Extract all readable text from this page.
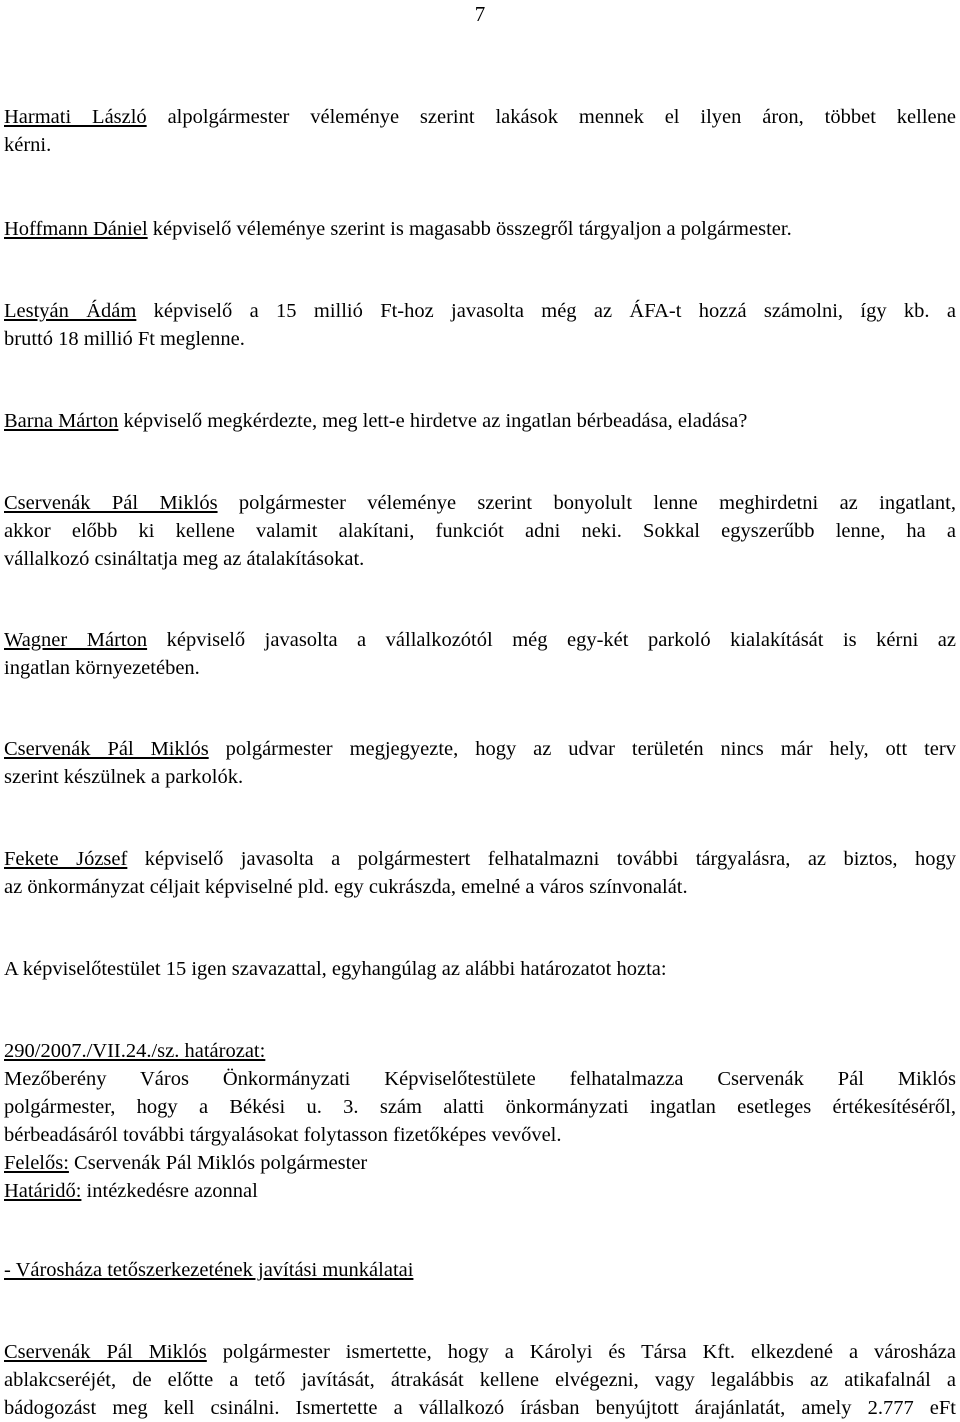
7

Harmati László alpolgármester véleménye szerint lakások mennek el ilyen áron, többet kellene
kérni.

Hoffmann Dániel képviselő véleménye szerint is magasabb összegről tárgyaljon a polgármester.

Lestyán Ádám képviselő a 15 millió Ft-hoz javasolta még az ÁFA-t hozzá számolni, így kb. a
bruttó 18 millió Ft meglenne.

Barna Márton képviselő megkérdezte, meg lett-e hirdetve az ingatlan bérbeadása, eladása?

Cservenák Pál Miklós polgármester véleménye szerint bonyolult lenne meghirdetni az ingatlant,
akkor előbb ki kellene valamit alakítani, funkciót adni neki. Sokkal egyszerűbb lenne, ha a
vállalkozó csináltatja meg az átalakításokat.

Wagner Márton képviselő javasolta a vállalkozótól még egy-két parkoló kialakítását is kérni az
ingatlan környezetében.

Cservenák Pál Miklós polgármester megjegyezte, hogy az udvar területén nincs már hely, ott terv
szerint készülnek a parkolók.

Fekete József képviselő javasolta a polgármestert felhatalmazni további tárgyalásra, az biztos, hogy
az önkormányzat céljait képviselné pld. egy cukrászda, emelné a város színvonalát.

A képviselőtestület 15 igen szavazattal, egyhangúlag az alábbi határozatot hozta:

290/2007./VII.24./sz. határozat:
Mezőberény Város Önkormányzati Képviselőtestülete felhatalmazza Cservenák Pál Miklós
polgármester, hogy a Békési u. 3. szám alatti önkormányzati ingatlan esetleges értékesítéséről,
bérbeadásáról további tárgyalásokat folytasson fizetőképes vevővel.
Felelős: Cservenák Pál Miklós polgármester
Határidő: intézkedésre azonnal

- Városháza tetőszerkezetének javítási munkálatai

Cservenák Pál Miklós polgármester ismertette, hogy a Károlyi és Társa Kft. elkezdené a városháza
ablakcseréjét, de előtte a tető javítását, átrakását kellene elvégezni, vagy legalábbis az atikafalnál a
bádogozást meg kell csinálni. Ismertette a vállalkozó írásban benyújtott árajánlatát, amely 2.777 eFt
